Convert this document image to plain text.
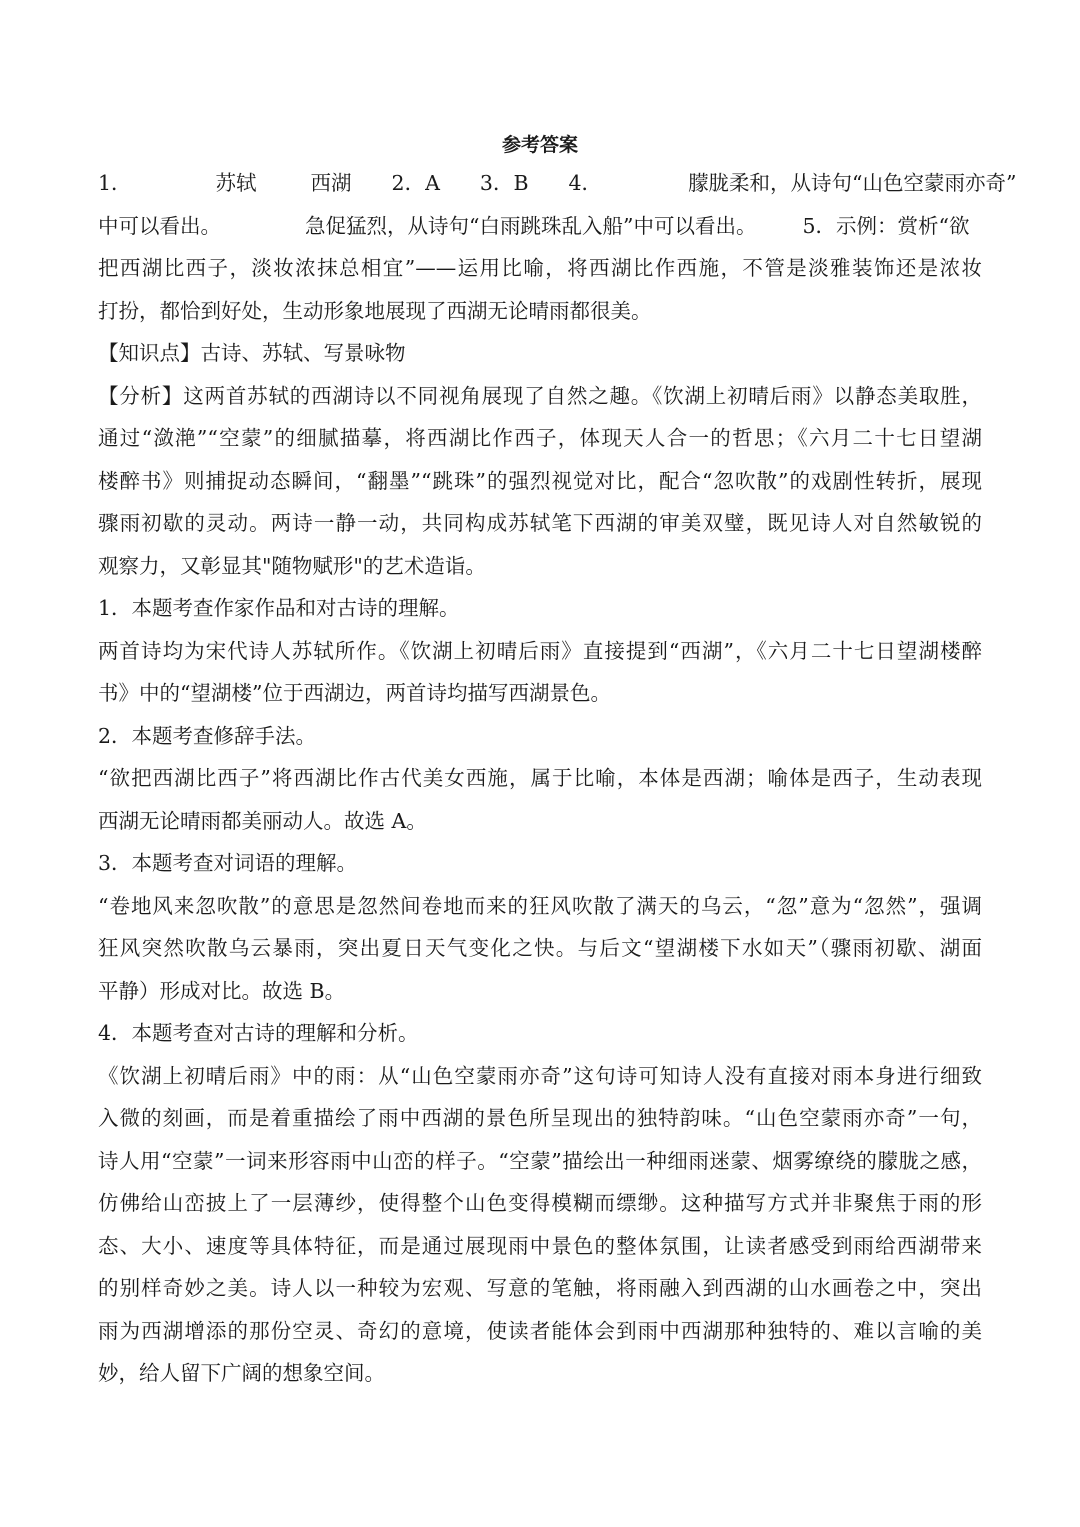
参考答案
1．	苏轼	西湖 2．A 3．B 4．	朦胧柔和，从诗句“山色空蒙雨亦奇”
中可以看出。	急促猛烈，从诗句“白雨跳珠乱入船”中可以看出。 5．示例：赏析“欲
把西湖比西子，淡妆浓抹总相宜”——运用比喻，将西湖比作西施，不管是淡雅装饰还是浓妆
打扮，都恰到好处，生动形象地展现了西湖无论晴雨都很美。
【知识点】古诗、苏轼、写景咏物
【分析】这两首苏轼的西湖诗以不同视角展现了自然之趣。《饮湖上初晴后雨》以静态美取胜，
通过“潋滟”“空蒙”的细腻描摹，将西湖比作西子，体现天人合一的哲思；《六月二十七日望湖
楼醉书》则捕捉动态瞬间，“翻墨”“跳珠”的强烈视觉对比，配合“忽吹散”的戏剧性转折，展现
骤雨初歇的灵动。两诗一静一动，共同构成苏轼笔下西湖的审美双璧，既见诗人对自然敏锐的
观察力，又彰显其"随物赋形"的艺术造诣。
1．本题考查作家作品和对古诗的理解。
两首诗均为宋代诗人苏轼所作。《饮湖上初晴后雨》直接提到“西湖”，《六月二十七日望湖楼醉
书》中的“望湖楼”位于西湖边，两首诗均描写西湖景色。
2．本题考查修辞手法。
“欲把西湖比西子”将西湖比作古代美女西施，属于比喻，本体是西湖；喻体是西子，生动表现
西湖无论晴雨都美丽动人。故选 A。
3．本题考查对词语的理解。
“卷地风来忽吹散”的意思是忽然间卷地而来的狂风吹散了满天的乌云，“忽”意为“忽然”，强调
狂风突然吹散乌云暴雨，突出夏日天气变化之快。与后文“望湖楼下水如天”（骤雨初歇、湖面
平静）形成对比。故选 B。
4．本题考查对古诗的理解和分析。
《饮湖上初晴后雨》中的雨：从“山色空蒙雨亦奇”这句诗可知诗人没有直接对雨本身进行细致
入微的刻画，而是着重描绘了雨中西湖的景色所呈现出的独特韵味。“山色空蒙雨亦奇”一句，
诗人用“空蒙”一词来形容雨中山峦的样子。“空蒙”描绘出一种细雨迷蒙、烟雾缭绕的朦胧之感，
仿佛给山峦披上了一层薄纱，使得整个山色变得模糊而缥缈。这种描写方式并非聚焦于雨的形
态、大小、速度等具体特征，而是通过展现雨中景色的整体氛围，让读者感受到雨给西湖带来
的别样奇妙之美。诗人以一种较为宏观、写意的笔触，将雨融入到西湖的山水画卷之中，突出
雨为西湖增添的那份空灵、奇幻的意境，使读者能体会到雨中西湖那种独特的、难以言喻的美
妙，给人留下广阔的想象空间。
